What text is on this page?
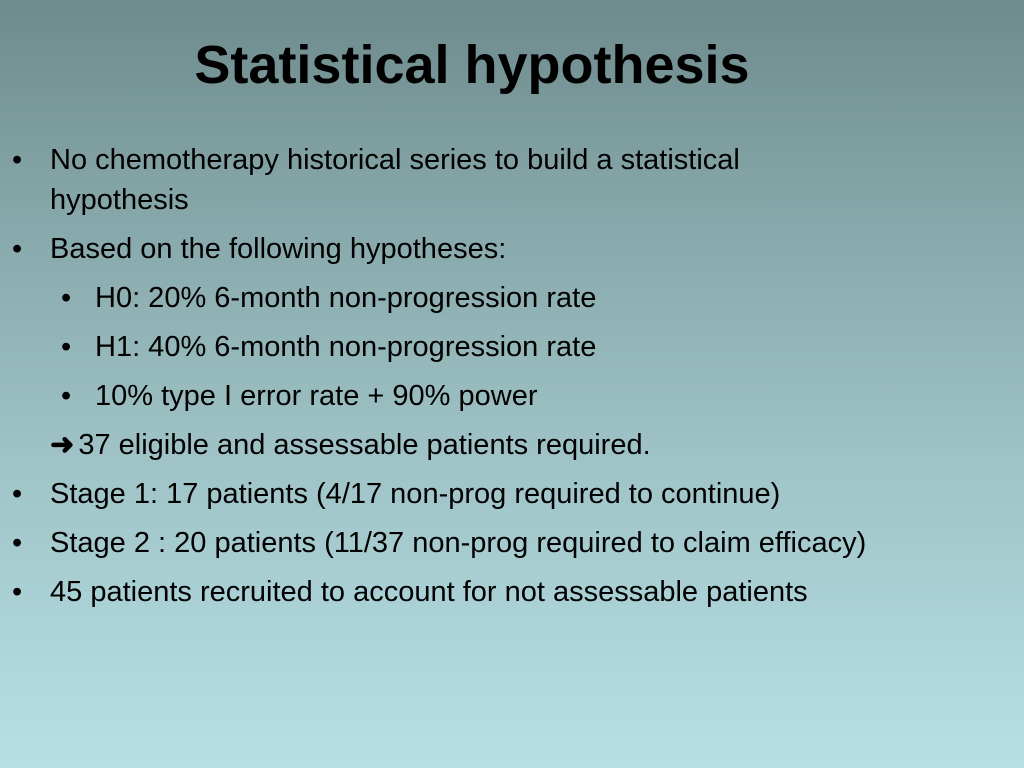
Statistical hypothesis
• No chemotherapy historical series to build a statistical hypothesis
• Based on the following hypotheses:
• H0: 20% 6-month non-progression rate
• H1: 40% 6-month non-progression rate
• 10% type I error rate + 90% power
➜ 37 eligible and assessable patients required.
• Stage 1: 17 patients (4/17 non-prog required to continue)
• Stage 2 : 20 patients (11/37 non-prog required to claim efficacy)
• 45 patients recruited to account for not assessable patients
